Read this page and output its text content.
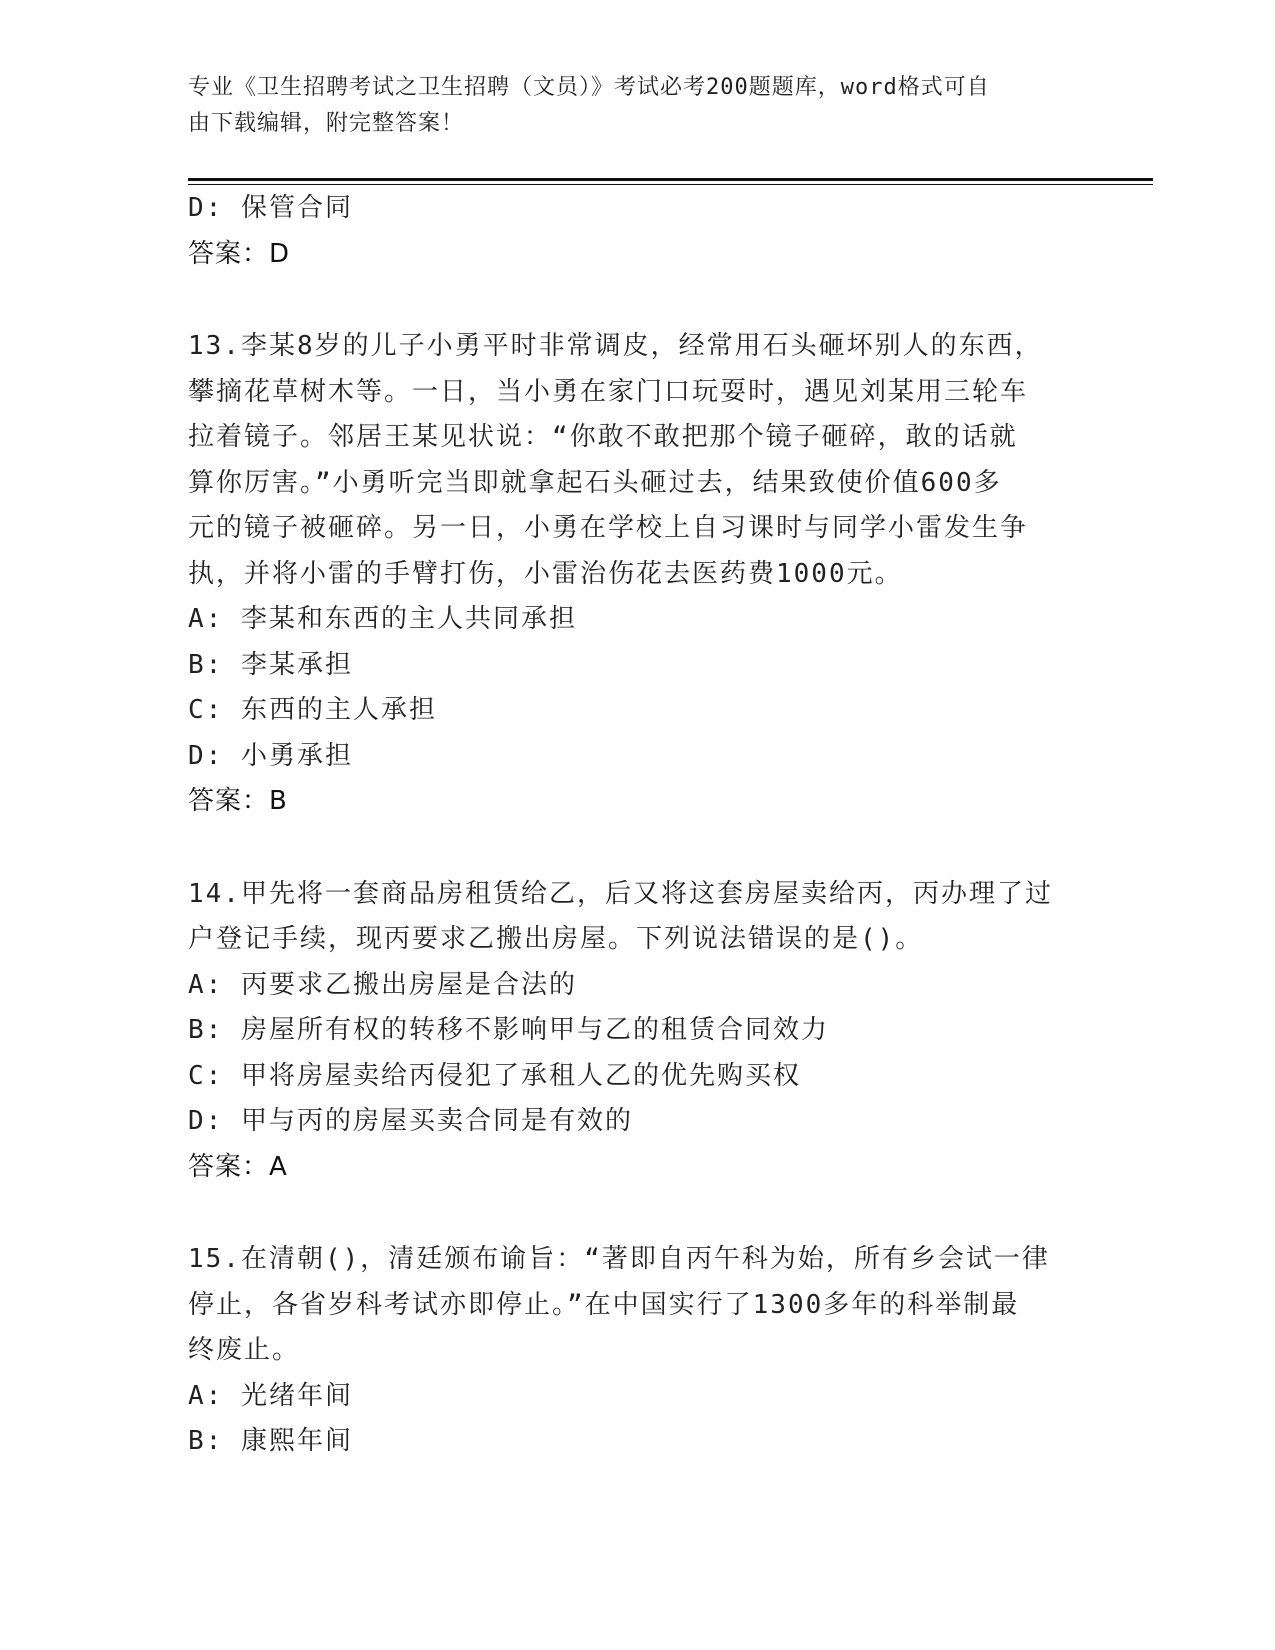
专业《卫生招聘考试之卫生招聘（文员）》考试必考200题题库，word格式可自
由下载编辑，附完整答案！
D: 保管合同
答案：D
13.李某8岁的儿子小勇平时非常调皮，经常用石头砸坏别人的东西，
攀摘花草树木等。一日，当小勇在家门口玩耍时，遇见刘某用三轮车
拉着镜子。邻居王某见状说：“你敢不敢把那个镜子砸碎，敢的话就
算你厉害。”小勇听完当即就拿起石头砸过去，结果致使价值600多
元的镜子被砸碎。另一日，小勇在学校上自习课时与同学小雷发生争
执，并将小雷的手臂打伤，小雷治伤花去医药费1000元。
A: 李某和东西的主人共同承担
B: 李某承担
C: 东西的主人承担
D: 小勇承担
答案：B
14.甲先将一套商品房租赁给乙，后又将这套房屋卖给丙，丙办理了过
户登记手续，现丙要求乙搬出房屋。下列说法错误的是()。
A: 丙要求乙搬出房屋是合法的
B: 房屋所有权的转移不影响甲与乙的租赁合同效力
C: 甲将房屋卖给丙侵犯了承租人乙的优先购买权
D: 甲与丙的房屋买卖合同是有效的
答案：A
15.在清朝()，清廷颁布谕旨：“著即自丙午科为始，所有乡会试一律
停止，各省岁科考试亦即停止。”在中国实行了1300多年的科举制最
终废止。
A: 光绪年间
B: 康熙年间
